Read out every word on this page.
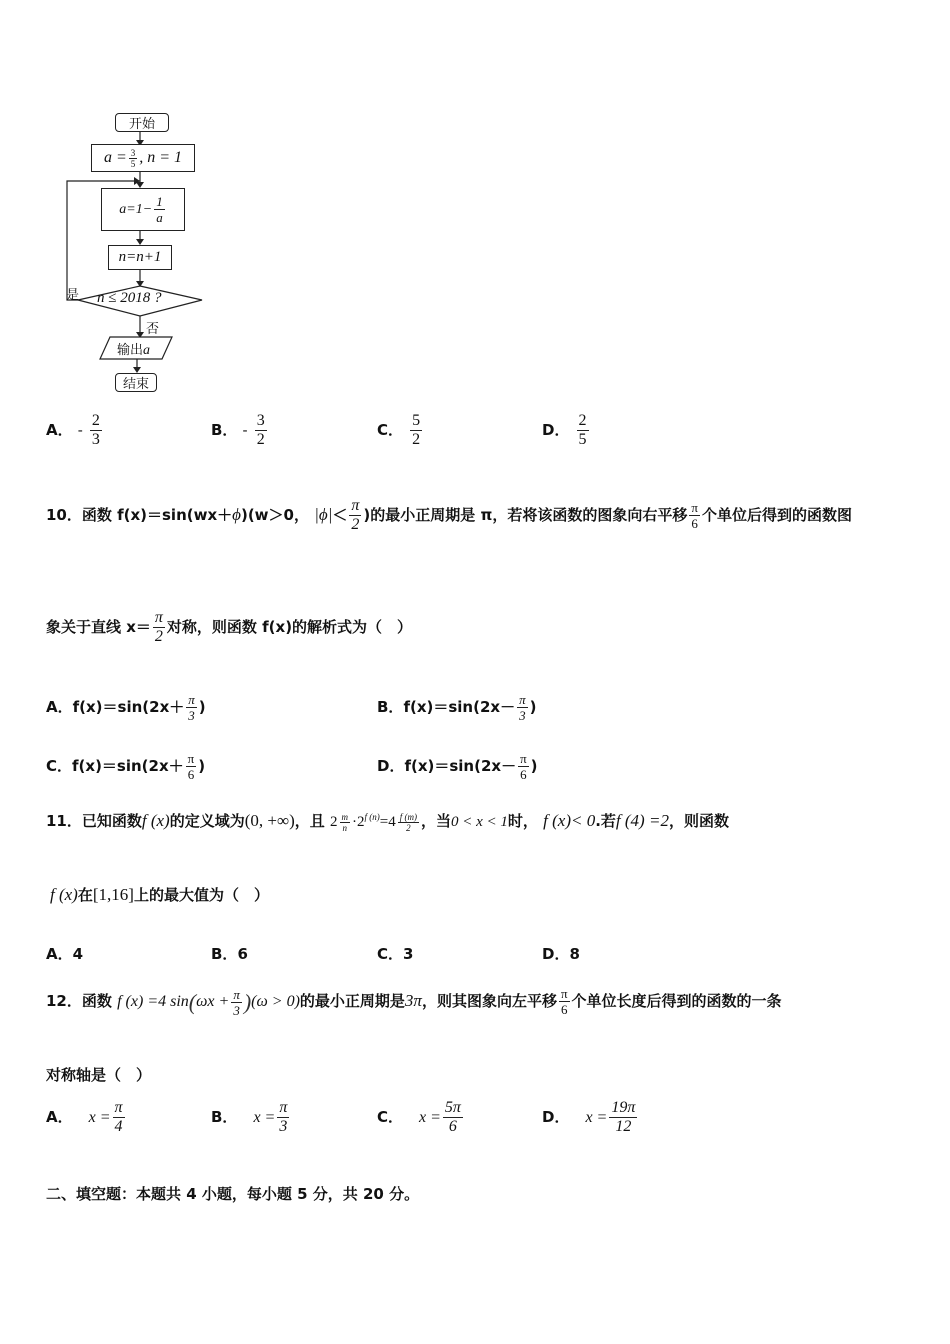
开始
$a = \frac{3}{5}$ , n = 1
$a=1- \frac{1}{a}$
n=n+1
n ≤ 2018 ?
是
否
输出a
结束
A． - $\frac{2}{3}$	B． - $\frac{3}{2}$	C． $\frac{5}{2}$	D． $\frac{2}{5}$
10．函数 f(x)＝sin(wx＋ϕ)(w＞0， $|\phi|< \frac{\pi}{2}$ )的最小正周期是 π，若将该函数的图象向右平移 $\frac{\pi}{6}$ 个单位后得到的函数图
象关于直线 $x= \frac{\pi}{2}$ 对称，则函数 f(x)的解析式为（　）
A．$f(x)=\sin(2x+ \frac{\pi}{3}$ )	B．$f(x)=\sin(2x- \frac{\pi}{3}$ )
C．$f(x)=\sin(2x+ \frac{\pi}{6}$ )	D．$f(x)=\sin(2x- \frac{\pi}{6}$ )
11．已知函数f (x)的定义域为(0, +∞)，且 $2 \frac{m}{n} \cdot 2^{f (n)}=4 \frac{f (m)}{2}$ ，当0 < x < 1时， f (x)< 0.若f (4) =2，则函数
f (x)在[1,16]上的最大值为（　）
A．4	B．6	C．3	D．8
12．函数 f (x) =4 $\sin(\omega x + \frac{\pi}{3} )(\omega > 0)$的最小正周期是3π，则其图象向左平移 $\frac{\pi}{6}$ 个单位长度后得到的函数的一条
对称轴是（　）
A． $x = \frac{\pi}{4}$	B． $x = \frac{\pi}{3}$	C． $x = \frac{5\pi}{6}$	D． $x = \frac{19\pi}{12}$
二、填空题：本题共 4 小题，每小题 5 分，共 20 分。
